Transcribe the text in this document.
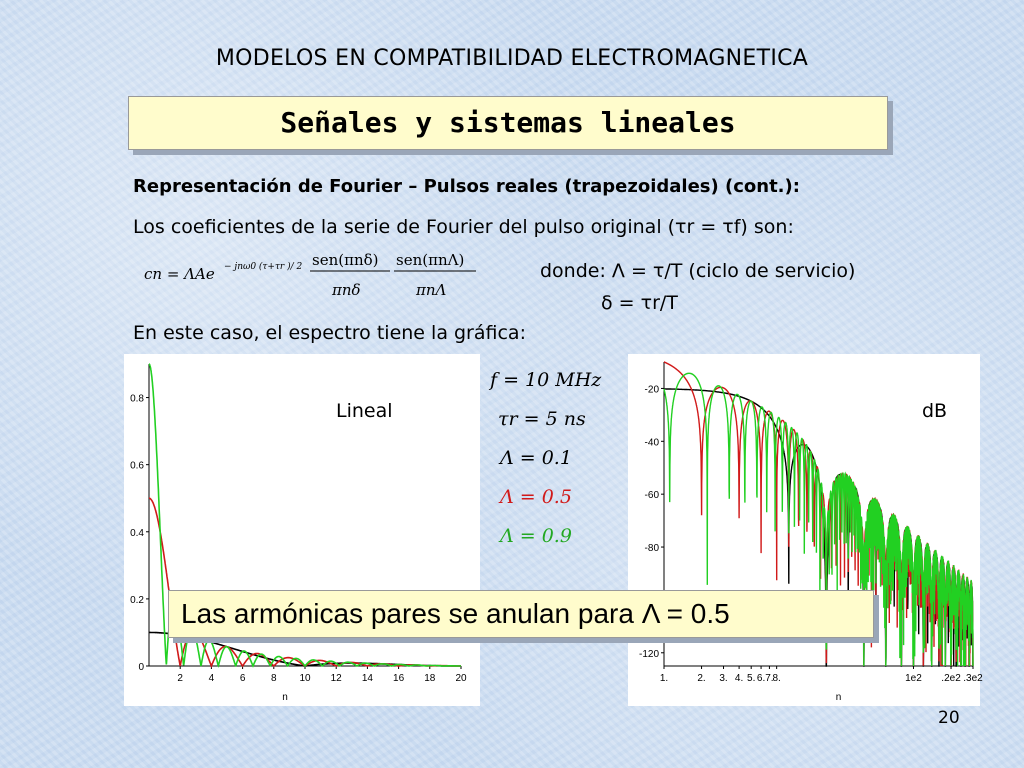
MODELOS EN COMPATIBILIDAD ELECTROMAGNETICA
Señales y sistemas lineales
Representación de Fourier – Pulsos reales (trapezoidales) (cont.):
Los coeficientes de la serie de Fourier del pulso original (τr = τf) son:
cn = ΛAe − jnω0 (τ+τr )/ 2 sen(πnδ)
πnδ
sen(πnΛ)
πnΛ
donde: Λ = τ/T (ciclo de servicio)
δ = τr/T
En este caso, el espectro tiene la gráfica:
0
0.2
0.4
0.6
0.8
2	4	6	8 10 12 14 16 18 20
n
-20
-40
-60
-80
-120
1.	2. 3. 4. 5. 6. 7.
8.	1e2 .2e2 .3e2
n
f = 10 MHz
τr = 5 ns
Λ = 0.1
Λ = 0.5
Λ = 0.9
Lineal	dB
Las armónicas pares se anulan para Λ = 0.5
20
